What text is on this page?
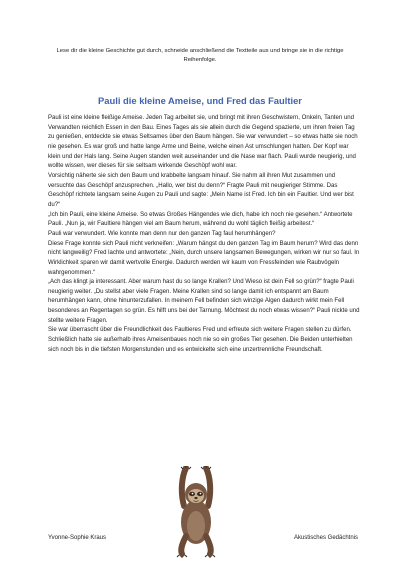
Lese dir die kleine Geschichte gut durch, schneide anschließend die Textteile aus und bringe sie in die richtige Reihenfolge.

Pauli die kleine Ameise, und Fred das Faultier

Pauli ist eine kleine fleißige Ameise. Jeden Tag arbeitet sie, und bringt mit ihren Geschwistern, Onkeln, Tanten und Verwandten reichlich Essen in den Bau. Eines Tages als sie allein durch die Gegend spazierte, um ihren freien Tag zu genießen, entdeckte sie etwas Seltsames über den Baum hängen. Sie war verwundert – so etwas hatte sie noch nie gesehen. Es war groß und hatte lange Arme und Beine, welche einen Ast umschlungen hatten. Der Kopf war klein und der Hals lang. Seine Augen standen weit auseinander und die Nase war flach. Pauli wurde neugierig, und wollte wissen, wer dieses für sie seltsam wirkende Geschöpf wohl war.

Vorsichtig näherte sie sich den Baum und krabbelte langsam hinauf. Sie nahm all ihren Mut zusammen und versuchte das Geschöpf anzusprechen. „Hallo, wer bist du denn?“ Fragte Pauli mit neugieriger Stimme. Das Geschöpf richtete langsam seine Augen zu Pauli und sagte: „Mein Name ist Fred. Ich bin ein Faultier. Und wer bist du?“

„Ich bin Pauli, eine kleine Ameise. So etwas Großes Hängendes wie dich, habe ich noch nie gesehen.“ Antwortete Pauli. „Nun ja, wir Faultiere hängen viel am Baum herum, während du wohl täglich fleißig arbeitest.“

Pauli war verwundert. Wie konnte man denn nur den ganzen Tag faul herumhängen?

Diese Frage konnte sich Pauli nicht verkneifen: „Warum hängst du den ganzen Tag im Baum herum? Wird das denn nicht langweilig? Fred lachte und antwortete: „Nein, durch unsere langsamen Bewegungen, wirken wir nur so faul. In Wirklichkeit sparen wir damit wertvolle Energie. Dadurch werden wir kaum von Fressfeinden wie Raubvögeln wahrgenommen.“

„Ach das klingt ja interessant. Aber warum hast du so lange Krallen? Und Wieso ist dein Fell so grün?“ fragte Pauli neugierig weiter. „Du stellst aber viele Fragen. Meine Krallen sind so lange damit ich entspannt am Baum herumhängen kann, ohne hinunterzufallen. In meinem Fell befinden sich winzige Algen dadurch wirkt mein Fell besonderes an Regentagen so grün. Es hilft uns bei der Tarnung. Möchtest du noch etwas wissen?“ Pauli nickte und stellte weitere Fragen.

Sie war überrascht über die Freundlichkeit des Faultieres Fred und erfreute sich weitere Fragen stellen zu dürfen. Schließlich hatte sie außerhalb ihres Ameisenbaues noch nie so ein großes Tier gesehen. Die Beiden unterhielten sich noch bis in die tiefsten Morgenstunden und es entwickelte sich eine unzertrennliche Freundschaft.

Yvonne-Sophie Kraus	Akustisches Gedächtnis
